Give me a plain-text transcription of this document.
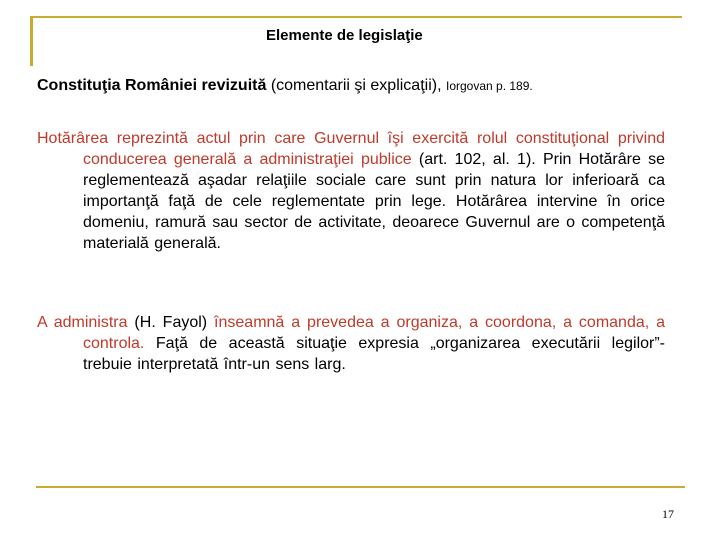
Elemente de legislaţie
Constituţia României revizuită (comentarii şi explicaţii), Iorgovan p. 189.
Hotărârea reprezintă actul prin care Guvernul îşi exercită rolul constituţional privind conducerea generală a administraţiei publice (art. 102, al. 1). Prin Hotărâre se reglementează aşadar relaţiile sociale care sunt prin natura lor inferioară ca importanţă faţă de cele reglementate prin lege. Hotărârea intervine în orice domeniu, ramură sau sector de activitate, deoarece Guvernul are o competenţă materială generală.
A administra (H. Fayol) înseamnă a prevedea a organiza, a coordona, a comanda, a controla. Faţă de această situaţie expresia „organizarea executării legilor”- trebuie interpretată într-un sens larg.
17
